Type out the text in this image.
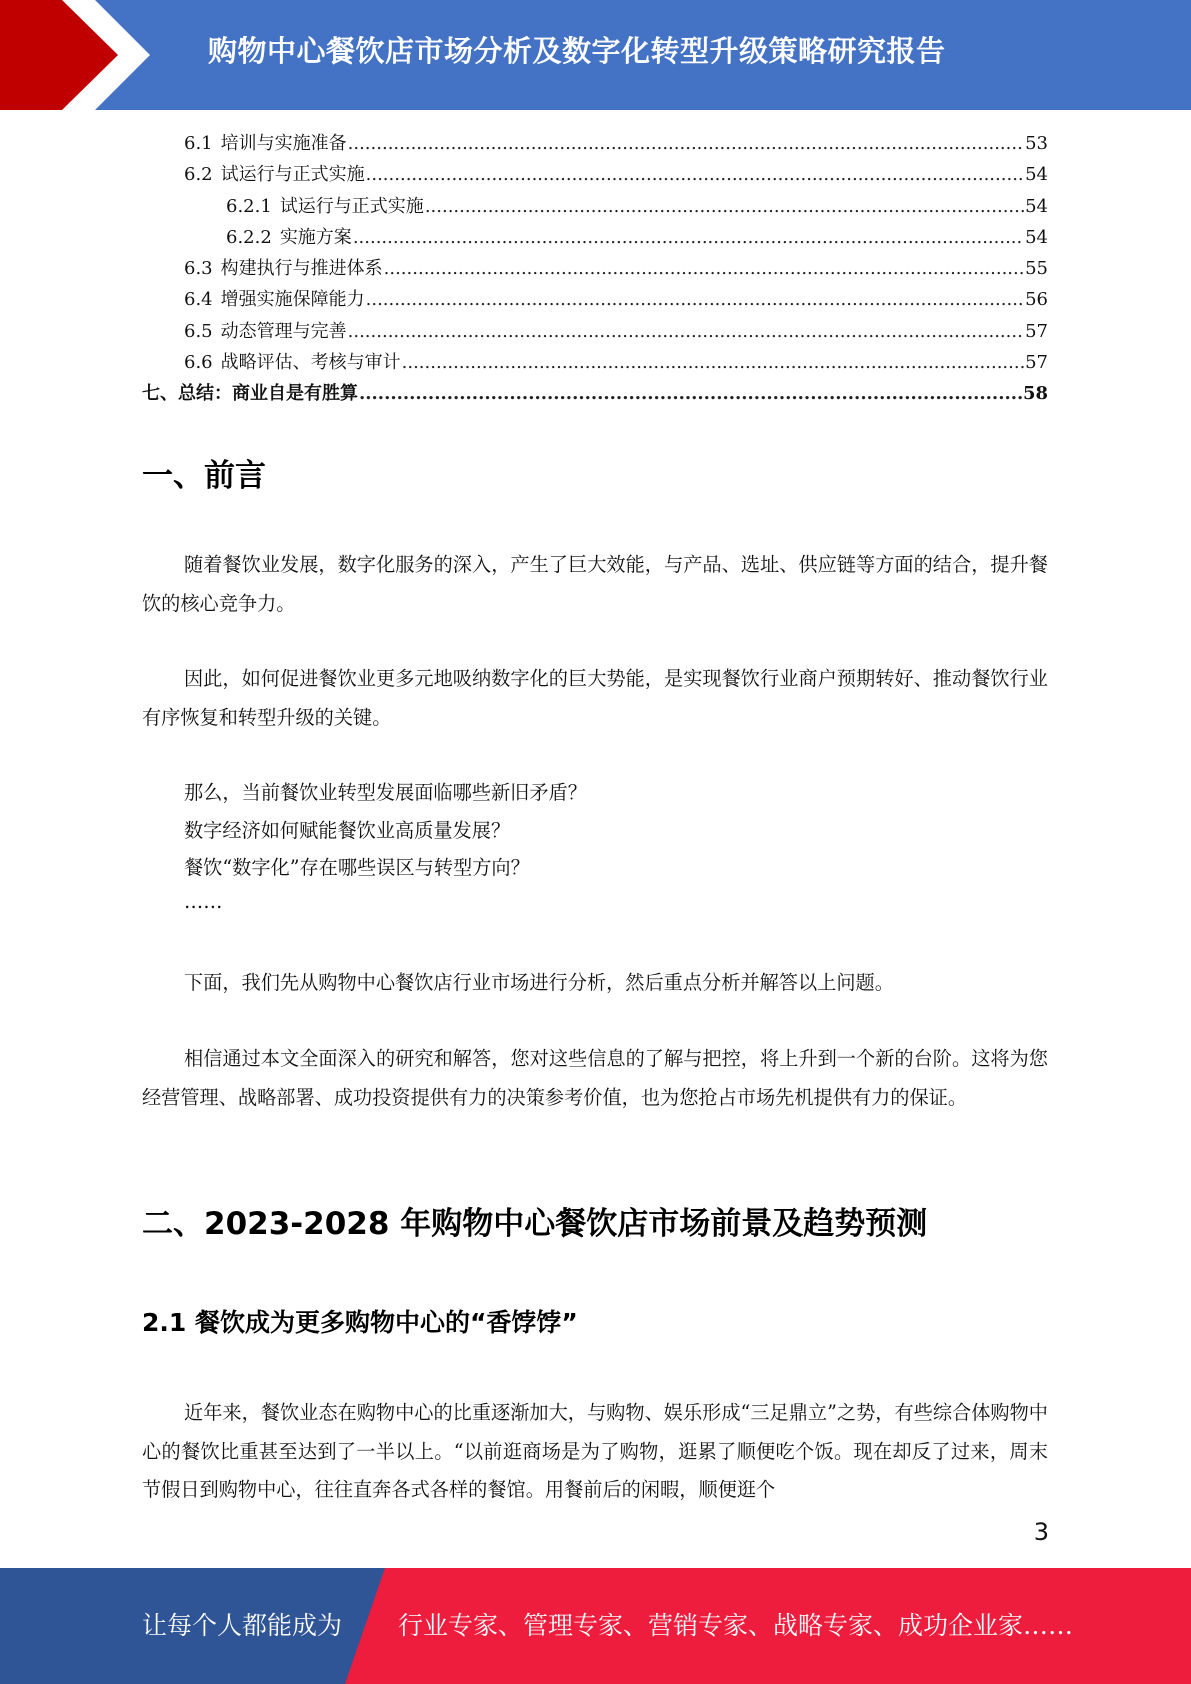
购物中心餐饮店市场分析及数字化转型升级策略研究报告
6.1 培训与实施准备 .....	53
6.2 试运行与正式实施 .....	54
6.2.1 试运行与正式实施 .....	54
6.2.2 实施方案 .....	54
6.3 构建执行与推进体系 .....	55
6.4 增强实施保障能力 .....	56
6.5 动态管理与完善 .....	57
6.6 战略评估、考核与审计 .....	57
七、总结：商业自是有胜算 .....	58
一、前言
随着餐饮业发展，数字化服务的深入，产生了巨大效能，与产品、选址、供应链等方面的结合，提升餐饮的核心竞争力。
因此，如何促进餐饮业更多元地吸纳数字化的巨大势能，是实现餐饮行业商户预期转好、推动餐饮行业有序恢复和转型升级的关键。
那么，当前餐饮业转型发展面临哪些新旧矛盾？
数字经济如何赋能餐饮业高质量发展？
餐饮“数字化”存在哪些误区与转型方向？
……
下面，我们先从购物中心餐饮店行业市场进行分析，然后重点分析并解答以上问题。
相信通过本文全面深入的研究和解答，您对这些信息的了解与把控，将上升到一个新的台阶。这将为您经营管理、战略部署、成功投资提供有力的决策参考价值，也为您抢占市场先机提供有力的保证。
二、2023-2028 年购物中心餐饮店市场前景及趋势预测
2.1 餐饮成为更多购物中心的“香饽饽”
近年来，餐饮业态在购物中心的比重逐渐加大，与购物、娱乐形成“三足鼎立”之势，有些综合体购物中心的餐饮比重甚至达到了一半以上。“以前逛商场是为了购物，逛累了顺便吃个饭。现在却反了过来，周末节假日到购物中心，往往直奔各式各样的餐馆。用餐前后的闲暇，顺便逛个
3
让每个人都能成为 行业专家、管理专家、营销专家、战略专家、成功企业家……
